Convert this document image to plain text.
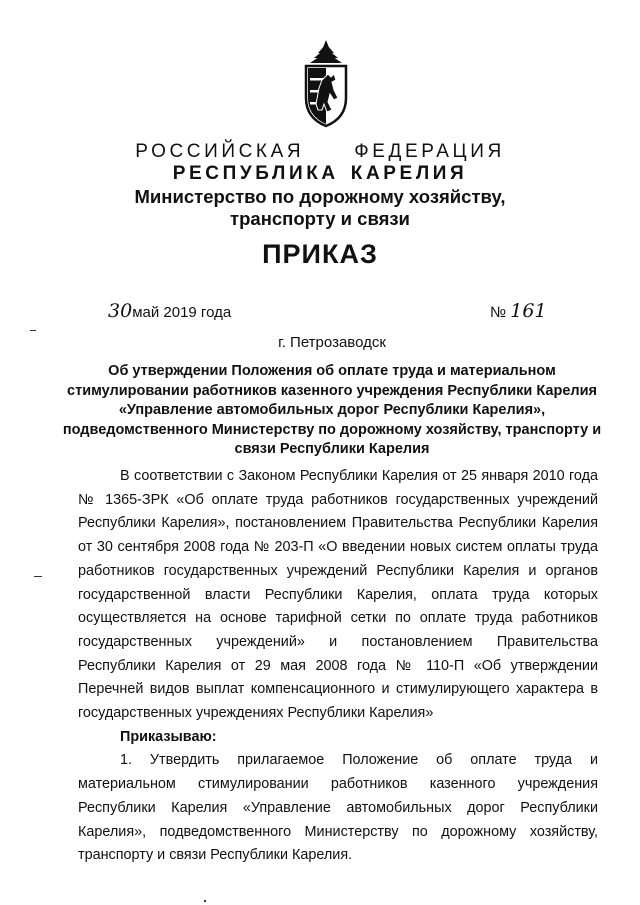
РОССИЙСКАЯ	ФЕДЕРАЦИЯ
РЕСПУБЛИКА КАРЕЛИЯ
Министерство по дорожному хозяйству,
транспорту и связи
ПРИКАЗ
30май 2019 года	№ 161
г. Петрозаводск
Об утверждении Положения об оплате труда и материальном стимулировании работников казенного учреждения Республики Карелия «Управление автомобильных дорог Республики Карелия», подведомственного Министерству по дорожному хозяйству, транспорту и связи Республики Карелия

В соответствии с Законом Республики Карелия от 25 января 2010 года № 1365-ЗРК «Об оплате труда работников государственных учреждений Республики Карелия», постановлением Правительства Республики Карелия от 30 сентября 2008 года № 203-П «О введении новых систем оплаты труда работников государственных учреждений Республики Карелия и органов государственной власти Республики Карелия, оплата труда которых осуществляется на основе тарифной сетки по оплате труда работников государственных учреждений» и постановлением Правительства Республики Карелия от 29 мая 2008 года № 110-П «Об утверждении Перечней видов выплат компенсационного и стимулирующего характера в государственных учреждениях Республики Карелия»

Приказываю:

1. Утвердить прилагаемое Положение об оплате труда и материальном стимулировании работников казенного учреждения Республики Карелия «Управление автомобильных дорог Республики Карелия», подведомственного Министерству по дорожному хозяйству, транспорту и связи Республики Карелия.
